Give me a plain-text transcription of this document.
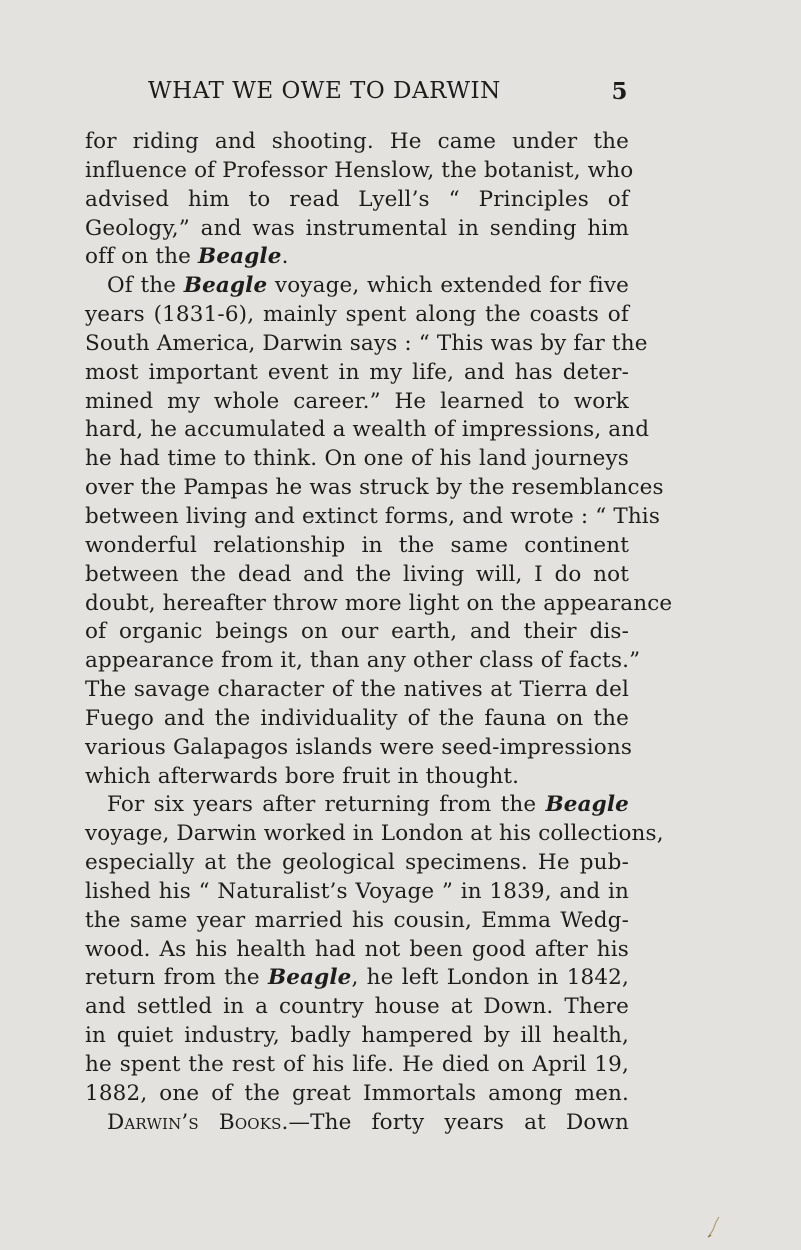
WHAT WE OWE TO DARWIN	5
for riding and shooting. He came under the
influence of Professor Henslow, the botanist, who
advised him to read Lyell’s “ Principles of
Geology,” and was instrumental in sending him
off on the Beagle.
Of the Beagle voyage, which extended for five
years (1831-6), mainly spent along the coasts of
South America, Darwin says : “ This was by far the
most important event in my life, and has deter-
mined my whole career.” He learned to work
hard, he accumulated a wealth of impressions, and
he had time to think. On one of his land journeys
over the Pampas he was struck by the resemblances
between living and extinct forms, and wrote : “ This
wonderful relationship in the same continent
between the dead and the living will, I do not
doubt, hereafter throw more light on the appearance
of organic beings on our earth, and their dis-
appearance from it, than any other class of facts.”
The savage character of the natives at Tierra del
Fuego and the individuality of the fauna on the
various Galapagos islands were seed-impressions
which afterwards bore fruit in thought.
For six years after returning from the Beagle
voyage, Darwin worked in London at his collections,
especially at the geological specimens. He pub-
lished his “ Naturalist’s Voyage ” in 1839, and in
the same year married his cousin, Emma Wedg-
wood. As his health had not been good after his
return from the Beagle, he left London in 1842,
and settled in a country house at Down. There
in quiet industry, badly hampered by ill health,
he spent the rest of his life. He died on April 19,
1882, one of the great Immortals among men.
Darwin’s Books.—The forty years at Down
